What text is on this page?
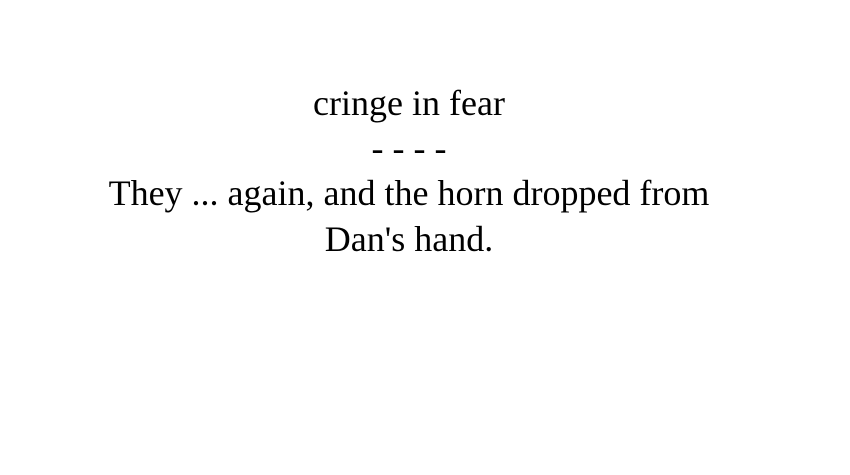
cringe in fear
- - - -
They ... again, and the horn dropped from
Dan's hand.
